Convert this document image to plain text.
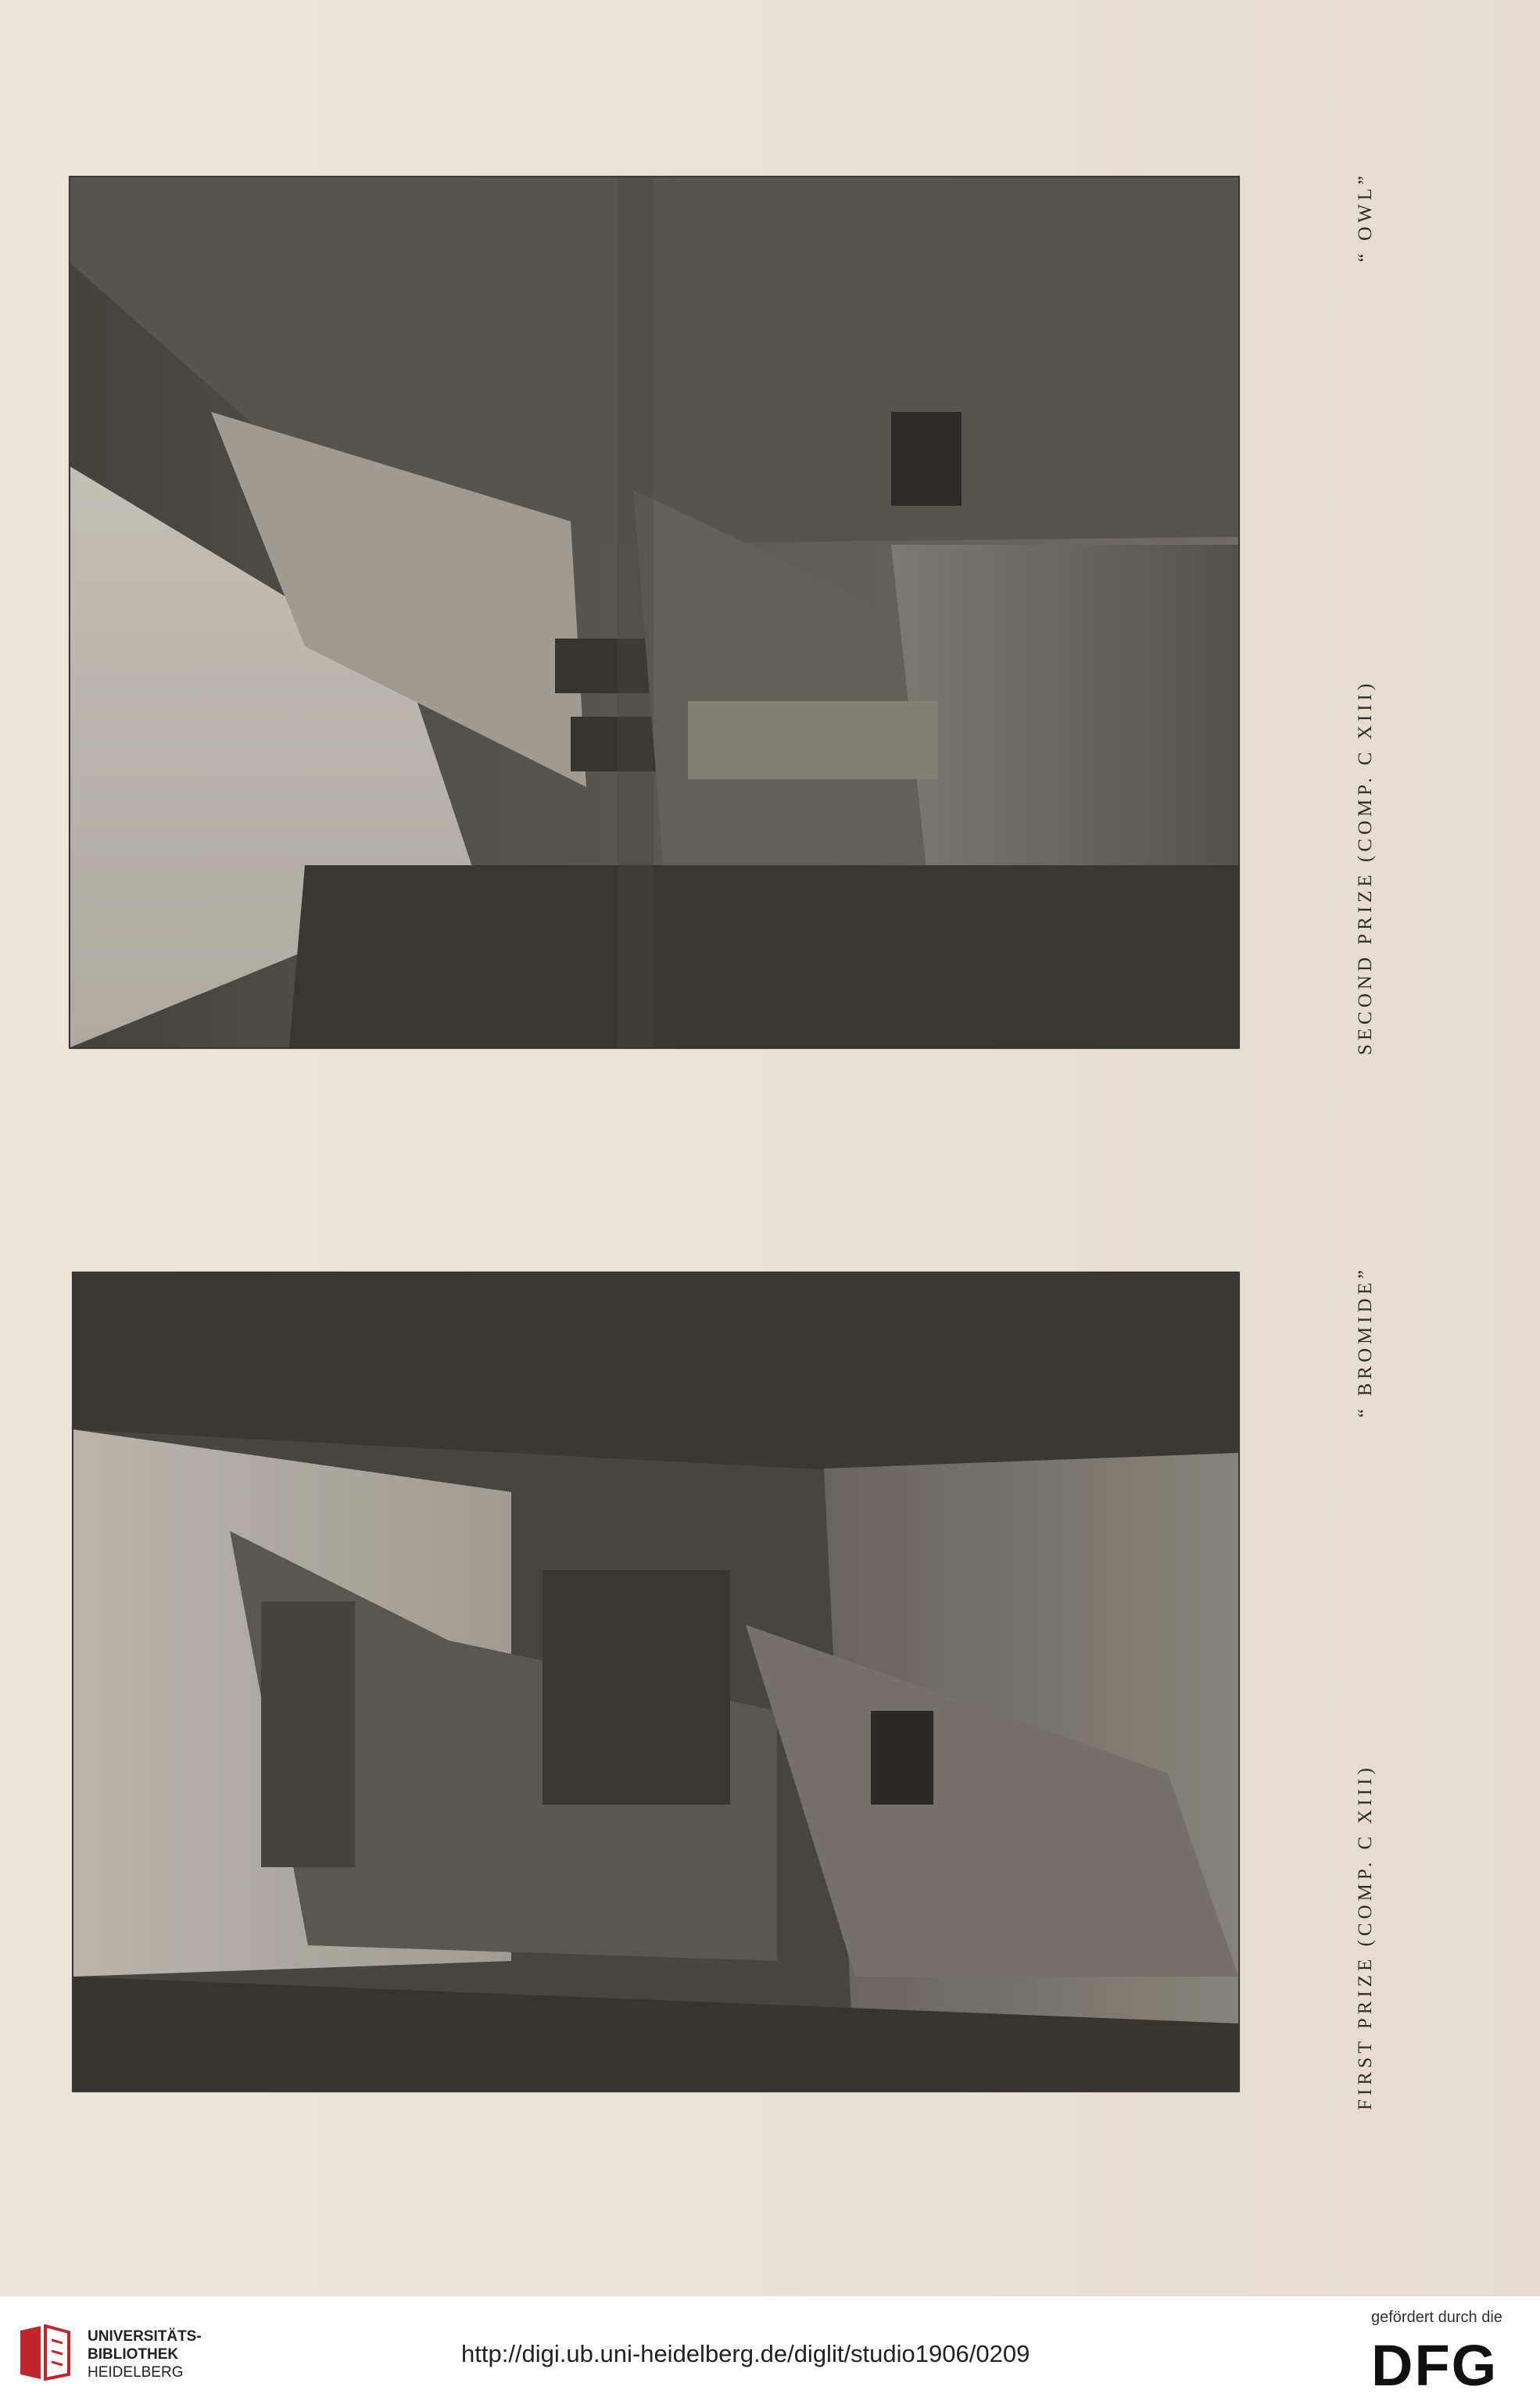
SECOND PRIZE (COMP. C XIII)
“ OWL”
FIRST PRIZE (COMP. C XIII)
“ BROMIDE”
UNIVERSITÄTS-
BIBLIOTHEK
HEIDELBERG
http://digi.ub.uni-heidelberg.de/diglit/studio1906/0209
gefördert durch die
DFG
